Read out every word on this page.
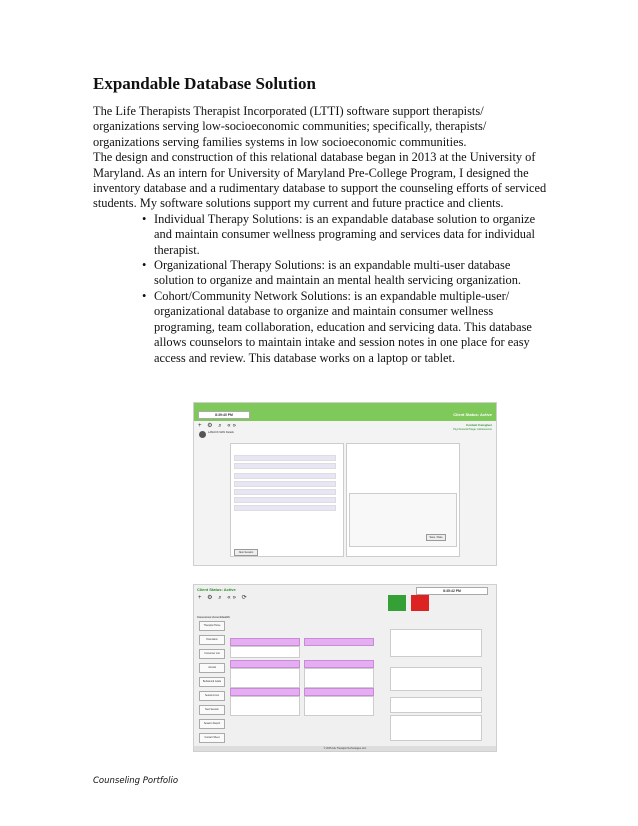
Expandable Database Solution

The Life Therapists Therapist Incorporated (LTTI) software support therapists/ organizations serving low-socioeconomic communities; specifically, therapists/ organizations serving families systems in low socioeconomic communities.

The design and construction of this relational database began in 2013 at the University of Maryland. As an intern for University of Maryland Pre-College Program, I designed the inventory database and a rudimentary database to support the counseling efforts of serviced students. My software solutions support my current and future practice and clients.

• Individual Therapy Solutions: is an expandable database solution to organize and maintain consumer wellness programing and services data for individual therapist.
• Organizational Therapy Solutions: is an expandable multi-user database solution to organize and maintain an mental health servicing organization.
• Cohort/Community Network Solutions: is an expandable multiple-user/ organizational database to organize and maintain consumer wellness programing, team collaboration, education and servicing data. This database allows counselors to maintain intake and session notes in one place for easy access and review. This database works on a laptop or tablet.
8:39:40 PM	Client Status: Active
Contact Caregiver
Psychosocial Stage: Adolescence
+ ⚙ ⌕ «»
LAMACK MAN Details
Save / Date
New Session
Client Status: Active	8:35:42 PM
+ ⚙ ⌕ «» ⟳
Insurance:AmeriHealth
Therapist Home
Orientation
Consumer List
Journal
Behavioral Goals
Sessions List
New Session
Session Report
Contact Sheet
© 2015 Life Therapist Technologies LLC
Counseling Portfolio
